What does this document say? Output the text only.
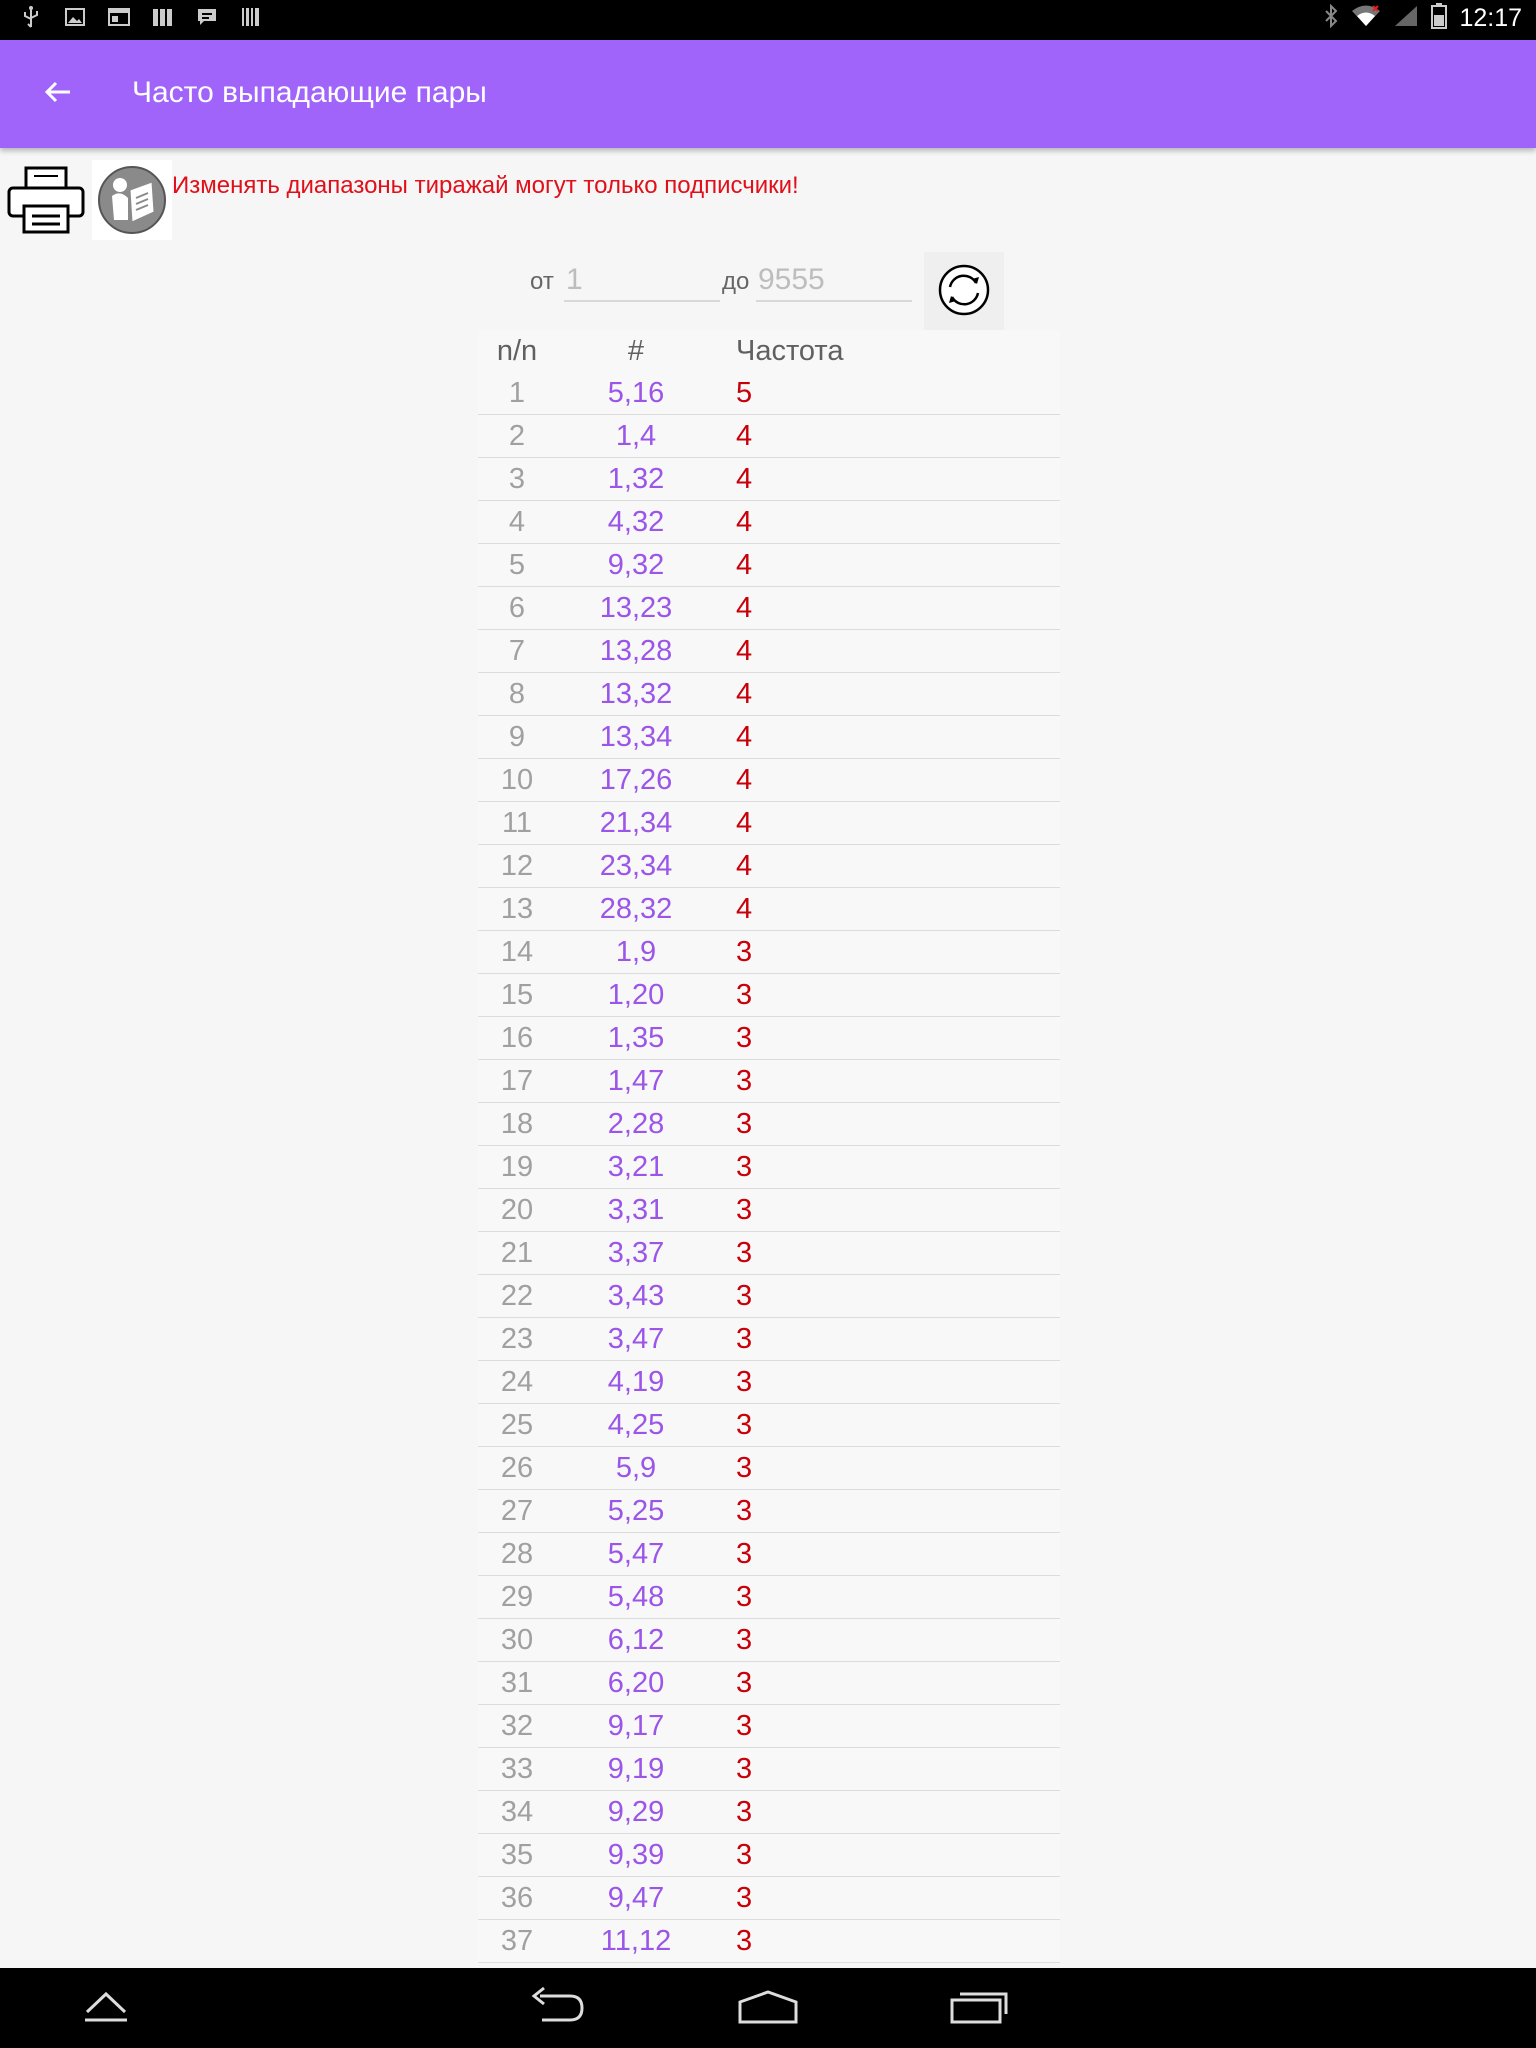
12:17
Часто выпадающие пары
Изменять диапазоны тиражай могут только подписчики!
от
1	до
9555
n/n	#	Частота
1	5,16	5
2	1,4	4
3	1,32	4
4	4,32	4
5	9,32	4
6	13,23	4
7	13,28	4
8	13,32	4
9	13,34	4
10	17,26	4
11	21,34	4
12	23,34	4
13	28,32	4
14	1,9	3
15	1,20	3
16	1,35	3
17	1,47	3
18	2,28	3
19	3,21	3
20	3,31	3
21	3,37	3
22	3,43	3
23	3,47	3
24	4,19	3
25	4,25	3
26	5,9	3
27	5,25	3
28	5,47	3
29	5,48	3
30	6,12	3
31	6,20	3
32	9,17	3
33	9,19	3
34	9,29	3
35	9,39	3
36	9,47	3
37	11,12	3
